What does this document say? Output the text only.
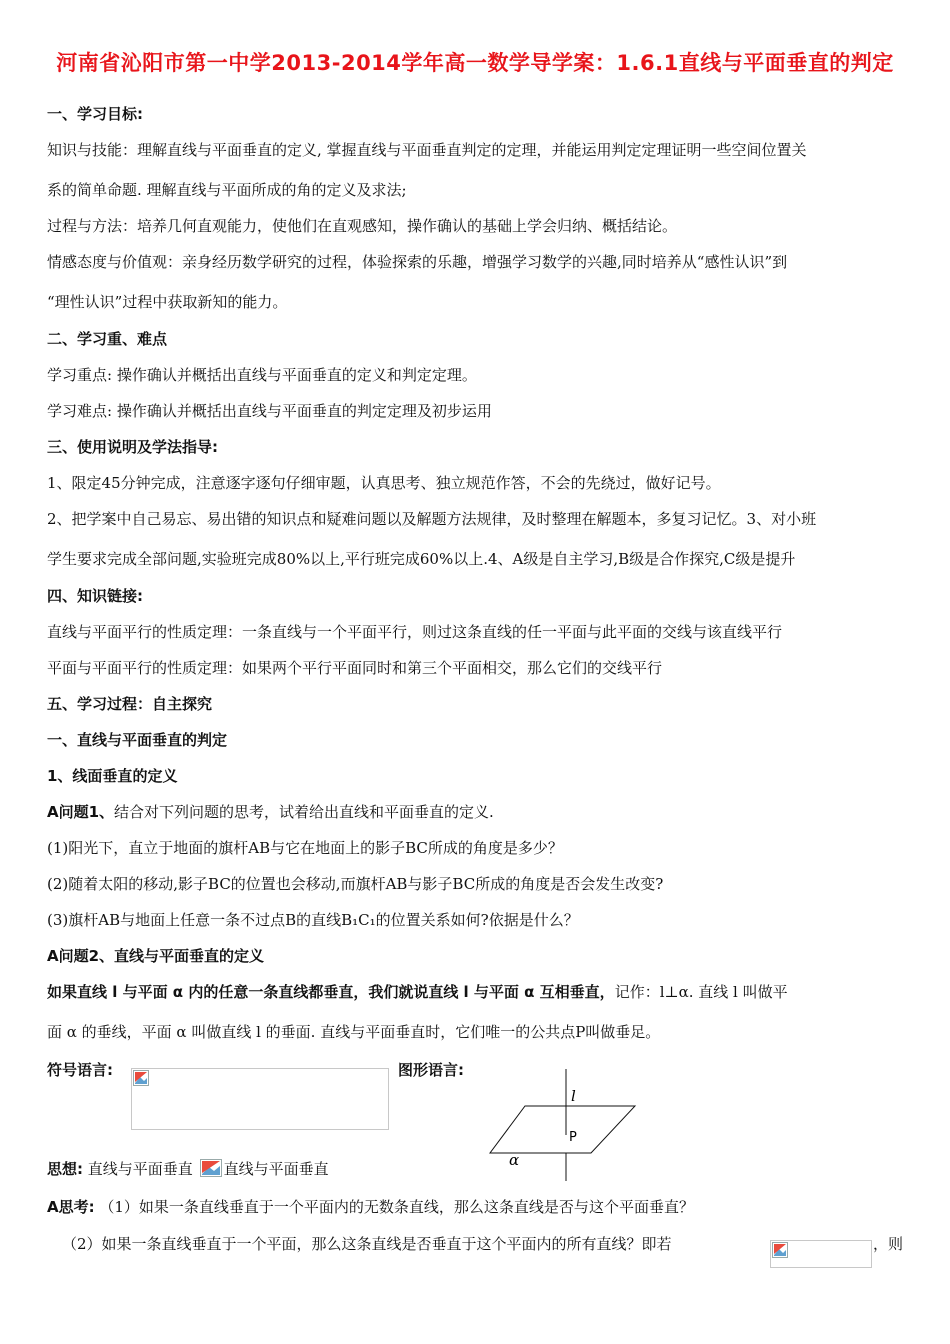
河南省沁阳市第一中学2013-2014学年高一数学导学案：1.6.1直线与平面垂直的判定
一、学习目标:
知识与技能：理解直线与平面垂直的定义, 掌握直线与平面垂直判定的定理，并能运用判定定理证明一些空间位置关
系的简单命题. 理解直线与平面所成的角的定义及求法;
过程与方法：培养几何直观能力，使他们在直观感知，操作确认的基础上学会归纳、概括结论。
情感态度与价值观：亲身经历数学研究的过程，体验探索的乐趣，增强学习数学的兴趣,同时培养从“感性认识”到
“理性认识”过程中获取新知的能力。
二、学习重、难点
学习重点: 操作确认并概括出直线与平面垂直的定义和判定定理。
学习难点: 操作确认并概括出直线与平面垂直的判定定理及初步运用
三、使用说明及学法指导:
1、限定45分钟完成，注意逐字逐句仔细审题，认真思考、独立规范作答，不会的先绕过，做好记号。
2、把学案中自己易忘、易出错的知识点和疑难问题以及解题方法规律，及时整理在解题本，多复习记忆。3、对小班
学生要求完成全部问题,实验班完成80%以上,平行班完成60%以上.4、A级是自主学习,B级是合作探究,C级是提升
四、知识链接:
直线与平面平行的性质定理：一条直线与一个平面平行，则过这条直线的任一平面与此平面的交线与该直线平行
平面与平面平行的性质定理：如果两个平行平面同时和第三个平面相交，那么它们的交线平行
五、学习过程：自主探究
一、直线与平面垂直的判定
1、线面垂直的定义
A问题1、结合对下列问题的思考，试着给出直线和平面垂直的定义.
(1)阳光下，直立于地面的旗杆AB与它在地面上的影子BC所成的角度是多少？
(2)随着太阳的移动,影子BC的位置也会移动,而旗杆AB与影子BC所成的角度是否会发生改变?
(3)旗杆AB与地面上任意一条不过点B的直线B₁C₁的位置关系如何?依据是什么？
A问题2、直线与平面垂直的定义
如果直线 l 与平面 α 内的任意一条直线都垂直，我们就说直线 l 与平面 α 互相垂直，记作：l⊥α. 直线 l 叫做平
面 α 的垂线，平面 α 叫做直线 l 的垂面. 直线与平面垂直时，它们唯一的公共点P叫做垂足。
符号语言:	图形语言:
l
P
α
思想: 直线与平面垂直 直线与平面垂直
A思考: （1）如果一条直线垂直于一个平面内的无数条直线，那么这条直线是否与这个平面垂直？
（2）如果一条直线垂直于一个平面，那么这条直线是否垂直于这个平面内的所有直线？即若	，则
